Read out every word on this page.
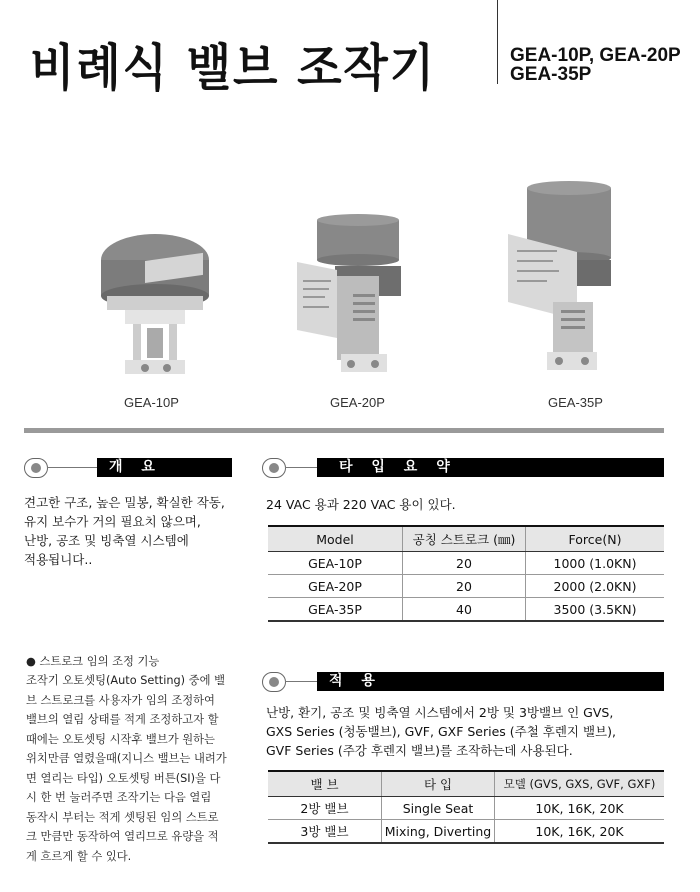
비례식 밸브 조작기	GEA-10P, GEA-20P
GEA-35P
GEA-10P	GEA-20P	GEA-35P
개 요
견고한 구조, 높은 밀봉, 확실한 작동,
유지 보수가 거의 필요치 않으며,
난방, 공조 및 빙축열 시스템에
적용됩니다..
타 입 요 약
24 VAC 용과 220 VAC 용이 있다.
Model	공칭 스트로크 (㎜)	Force(N)
GEA-10P	20	1000 (1.0KN)
GEA-20P	20	2000 (2.0KN)
GEA-35P	40	3500 (3.5KN)
● 스트로크 임의 조정 기능
조작기 오토셋팅(Auto Setting) 중에 밸
브 스트로크를 사용자가 임의 조정하여
밸브의 열림 상태를 적게 조정하고자 할
때에는 오토셋팅 시작후 밸브가 원하는
위치만큼 열렸을때(지니스 밸브는 내려가
면 열리는 타입) 오토셋팅 버튼(SI)을 다
시 한 번 눌러주면 조작기는 다음 열림
동작시 부터는 적게 셋팅된 임의 스트로
크 만큼만 동작하여 열리므로 유량을 적
게 흐르게 할 수 있다.
적 용
난방, 환기, 공조 및 빙축열 시스템에서 2방 및 3방밸브 인 GVS,
GXS Series (청동밸브), GVF, GXF Series (주철 후렌지 밸브),
GVF Series (주강 후렌지 밸브)를 조작하는데 사용된다.
밸 브	타 입	모델 (GVS, GXS, GVF, GXF)
2방 밸브	Single Seat	10K, 16K, 20K
3방 밸브	Mixing, Diverting	10K, 16K, 20K
